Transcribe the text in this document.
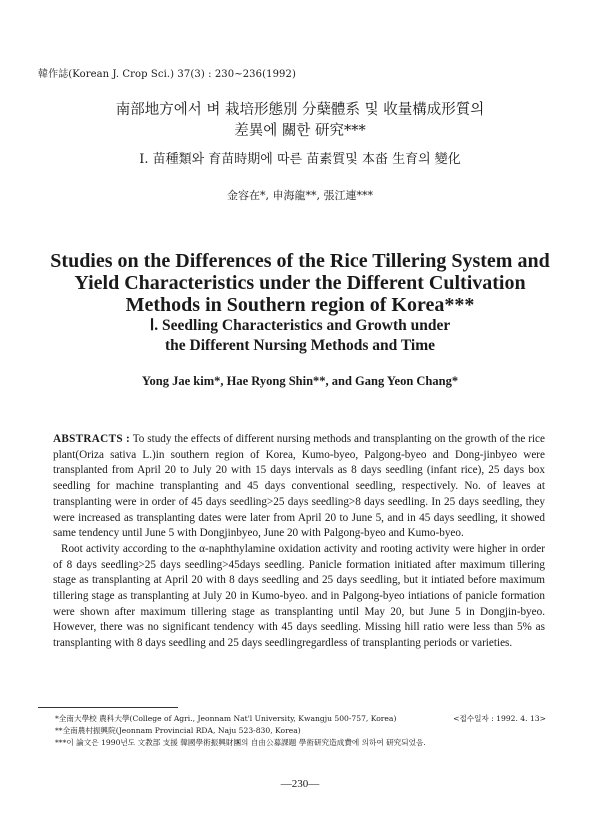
韓作誌(Korean J. Crop Sci.) 37(3) : 230~236(1992)
南部地方에서 벼 栽培形態別 分蘖體系 및 收量構成形質의
差異에 關한 研究***
Ⅰ. 苗種類와 育苗時期에 따른 苗素質및 本畓 生育의 變化
金容在*, 申海龍**, 張江連***
Studies on the Differences of the Rice Tillering System and
Yield Characteristics under the Different Cultivation
Methods in Southern region of Korea***
Ⅰ. Seedling Characteristics and Growth under
the Different Nursing Methods and Time
Yong Jae kim*, Hae Ryong Shin**, and Gang Yeon Chang*

ABSTRACTS : To study the effects of different nursing methods and transplanting on the growth of the rice plant(Oriza sativa L.)in southern region of Korea, Kumo-byeo, Palgong-byeo and Dong-jinbyeo were transplanted from April 20 to July 20 with 15 days intervals as 8 days seedling (infant rice), 25 days box seedling for machine transplanting and 45 days conventional seedling, respectively. No. of leaves at transplanting were in order of 45 days seedling>25 days seedling>8 days seedling. In 25 days seedling, they were increased as transplanting dates were later from April 20 to June 5, and in 45 days seedling, it showed same tendency until June 5 with Dongjinbyeo, June 20 with Palgong-byeo and Kumo-byeo.

Root activity according to the α-naphthylamine oxidation activity and rooting activity were higher in order of 8 days seedling>25 days seedling>45days seedling. Panicle formation initiated after maximum tillering stage as transplanting at April 20 with 8 days seedling and 25 days seedling, but it intiated before maximum tillering stage as transplanting at July 20 in Kumo-byeo. and in Palgong-byeo intiations of panicle formation were shown after maximum tillering stage as transplanting until May 20, but June 5 in Dongjin-byeo. However, there was no significant tendency with 45 days seedling. Missing hill ratio were less than 5% as transplanting with 8 days seedling and 25 days seedlingregardless of transplanting periods or varieties.

*全南大學校 農科大學(College of Agri., Jeonnam Nat'l University, Kwangju 500-757, Korea)
**全南農村振興院(Jeonnam Provincial RDA, Naju 523-830, Korea)
***이 論文은 1990년도 文教部 支援 韓國學術振興財團의 自由公募課題 學術研究造成費에 의하여 研究되었음.
<접수일자 : 1992. 4. 13>
—230—
